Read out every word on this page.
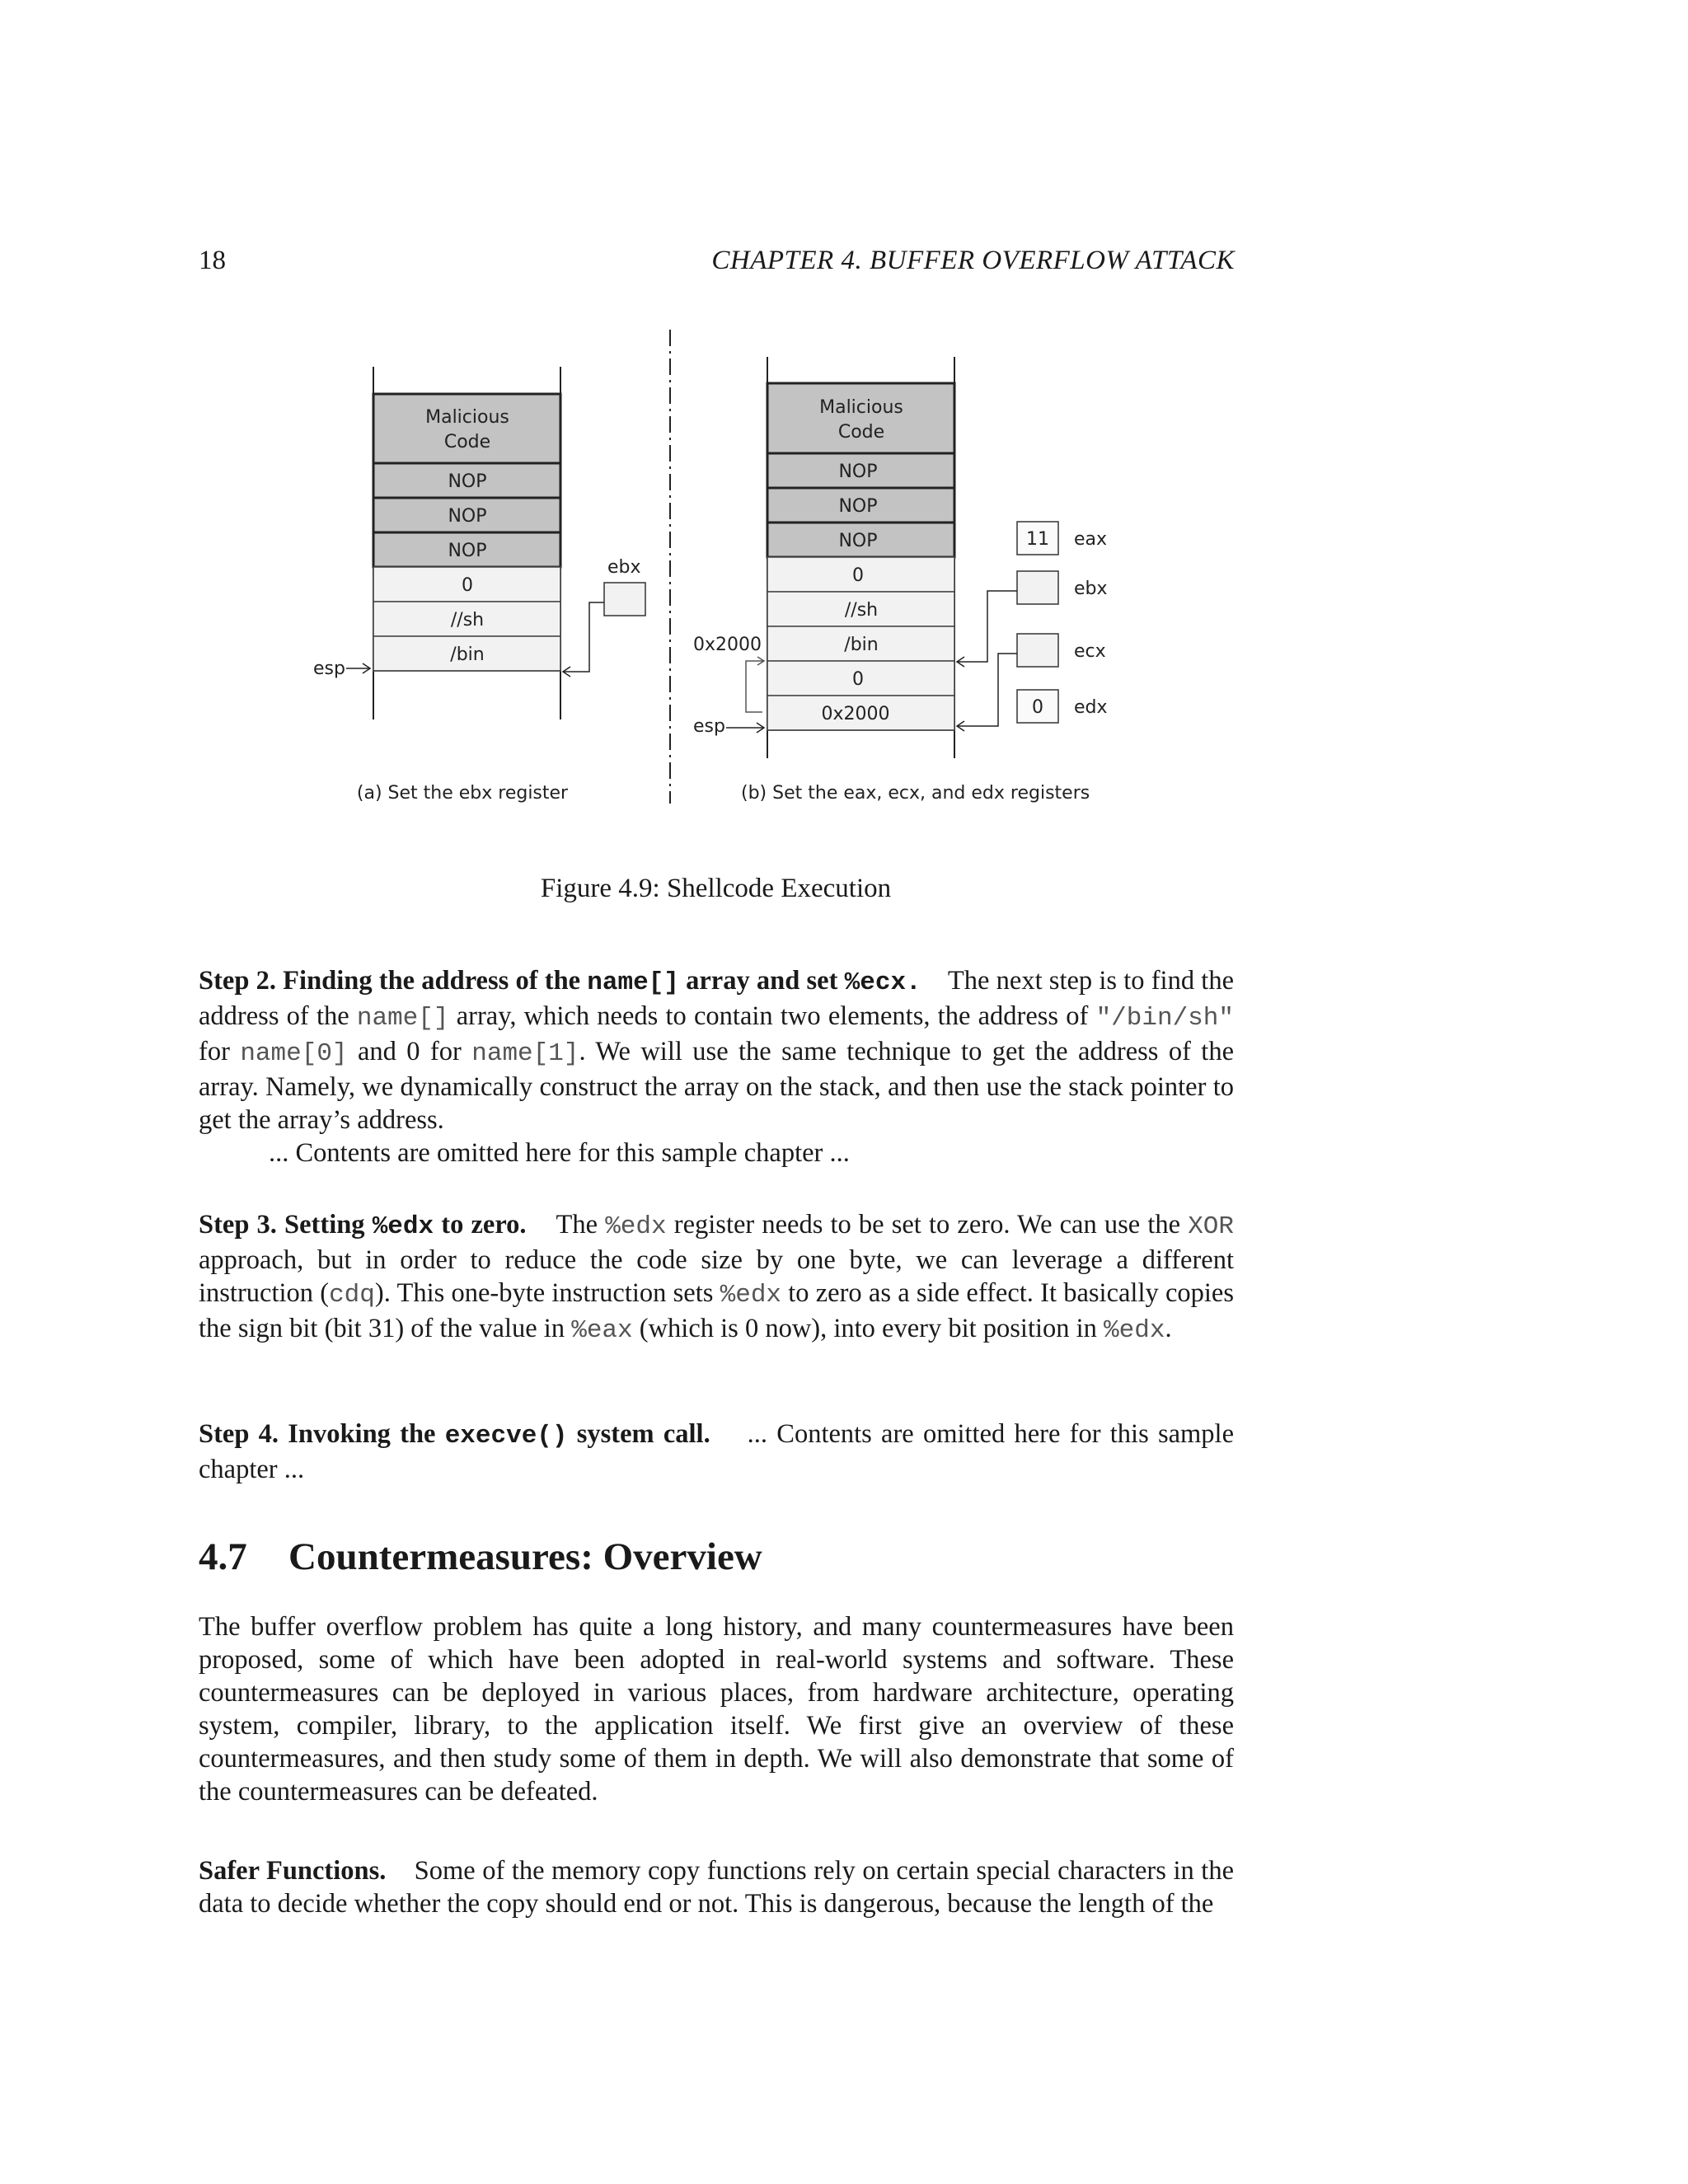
18	CHAPTER 4. BUFFER OVERFLOW ATTACK
Malicious
Code
NOP
NOP
NOP
0
//sh
/bin
esp
ebx
(a) Set the ebx register
Malicious
Code
NOP
NOP
NOP
0
//sh
/bin
0
0x2000
0x2000
esp
11 eax
ebx
ecx
0 edx
(b) Set the eax, ecx, and edx registers
Figure 4.9: Shellcode Execution
Step 2. Finding the address of the name[] array and set %ecx. The next step is to find the address of the name[] array, which needs to contain two elements, the address of "/bin/sh" for name[0] and 0 for name[1]. We will use the same technique to get the address of the array. Namely, we dynamically construct the array on the stack, and then use the stack pointer to get the array’s address.
... Contents are omitted here for this sample chapter ...
Step 3. Setting %edx to zero. The %edx register needs to be set to zero. We can use the XOR approach, but in order to reduce the code size by one byte, we can leverage a different instruction (cdq). This one-byte instruction sets %edx to zero as a side effect. It basically copies the sign bit (bit 31) of the value in %eax (which is 0 now), into every bit position in %edx.
Step 4. Invoking the execve() system call. ... Contents are omitted here for this sample chapter ...
4.7 Countermeasures: Overview
The buffer overflow problem has quite a long history, and many countermeasures have been proposed, some of which have been adopted in real-world systems and software. These countermeasures can be deployed in various places, from hardware architecture, operating system, compiler, library, to the application itself. We first give an overview of these countermeasures, and then study some of them in depth. We will also demonstrate that some of the countermeasures can be defeated.
Safer Functions. Some of the memory copy functions rely on certain special characters in the data to decide whether the copy should end or not. This is dangerous, because the length of the
